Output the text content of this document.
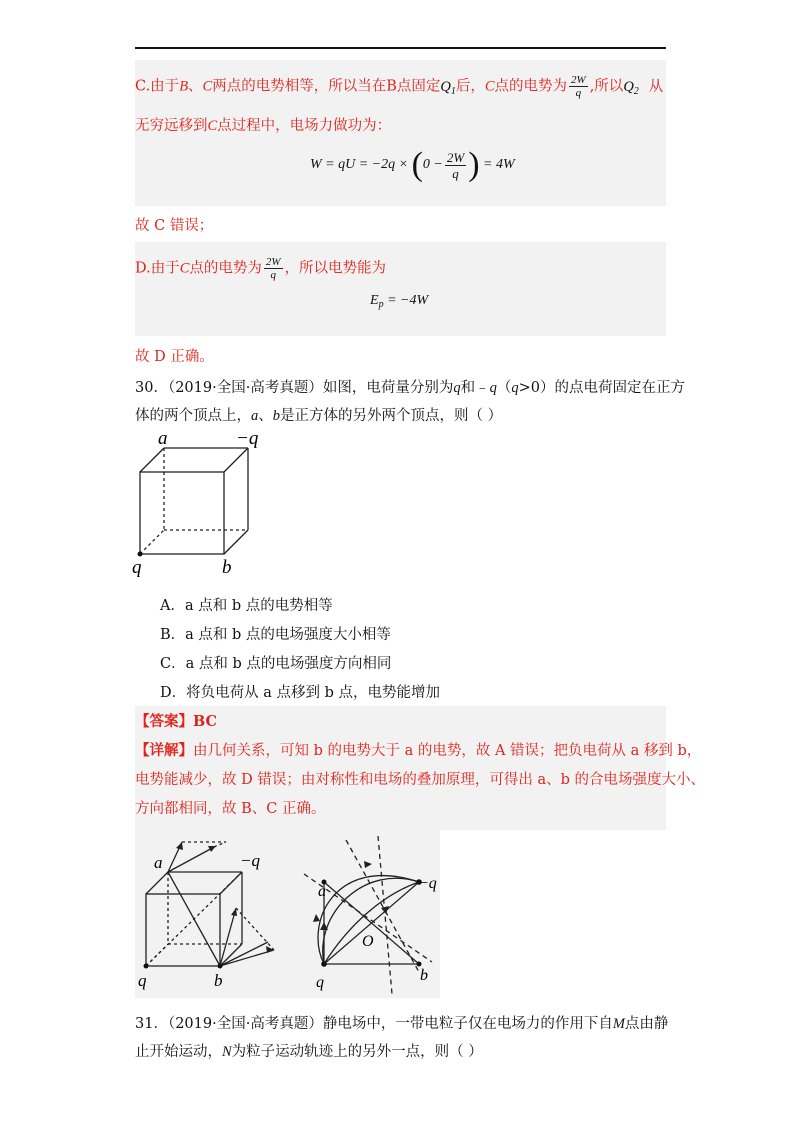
C.由于B、C两点的电势相等，所以当在B点固定$Q_1$后，C点的电势为 $\frac{2W}{q}$ ,所以$Q_2$ 从
无穷远移到C点过程中，电场力做功为：
W = qU = $-2q \times (0 - \frac{2W}{q}$ ) = 4W
故 C 错误；
D.由于C点的电势为 $\frac{2W}{q}$ ，所以电势能为
$E_p = -4W$
故 D 正确。
30．（2019·全国·高考真题）如图，电荷量分别为q和﹣q（q>0）的点电荷固定在正方
体的两个顶点上，a、b是正方体的另外两个顶点，则（ ）
a	−q
q	b
A．a 点和 b 点的电势相等
B．a 点和 b 点的电场强度大小相等
C．a 点和 b 点的电场强度方向相同
D．将负电荷从 a 点移到 b 点，电势能增加
【答案】BC
【详解】由几何关系，可知 b 的电势大于 a 的电势，故 A 错误；把负电荷从 a 移到 b，
电势能减少，故 D 错误；由对称性和电场的叠加原理，可得出 a、b 的合电场强度大小、
方向都相同，故 B、C 正确。
a	−q
q	b
a	−q
O
q	b
31．（2019·全国·高考真题）静电场中，一带电粒子仅在电场力的作用下自M点由静
止开始运动，N为粒子运动轨迹上的另外一点，则（ ）
